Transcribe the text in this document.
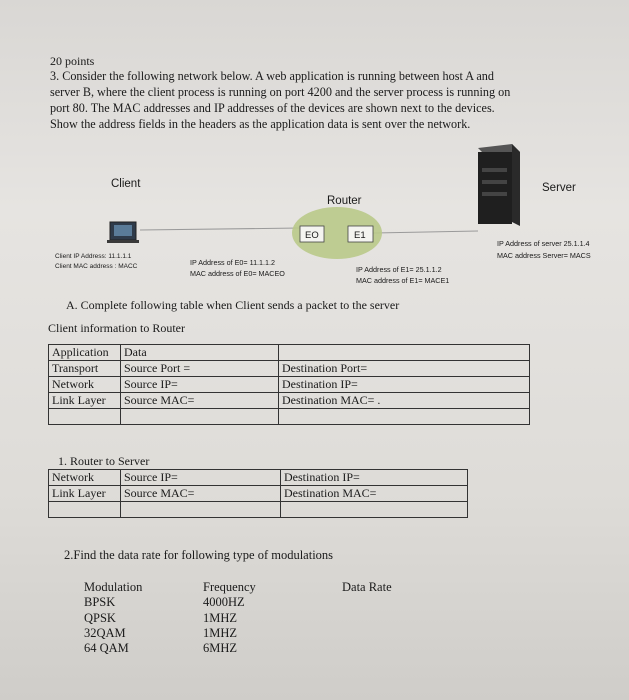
20 points
3. Consider the following network below. A web application is running between host A and
server B, where the client process is running on port 4200 and the server process is running on
port 80. The MAC addresses and IP addresses of the devices are shown next to the devices.
Show the address fields in the headers as the application data is sent over the network.
Client
Router
Server
EO	E1
Client IP Address: 11.1.1.1
Client MAC address : MACC	IP Address of E0= 11.1.1.2
MAC address of E0= MACEO	IP Address of E1= 25.1.1.2
MAC address of E1= MACE1
IP Address of server 25.1.1.4
MAC address Server= MACS
A. Complete following table when Client sends a packet to the server
Client information to Router
Application	Data	
Transport	Source Port =	Destination Port=
Network	Source IP=	Destination IP=
Link Layer	Source MAC=	Destination MAC= .

1. Router to Server
Network	Source IP=	Destination IP=
Link Layer	Source MAC=	Destination MAC=

2.Find the data rate for following type of modulations
Modulation	Frequency	Data Rate
BPSK	4000HZ
QPSK	1MHZ
32QAM	1MHZ
64 QAM	6MHZ
